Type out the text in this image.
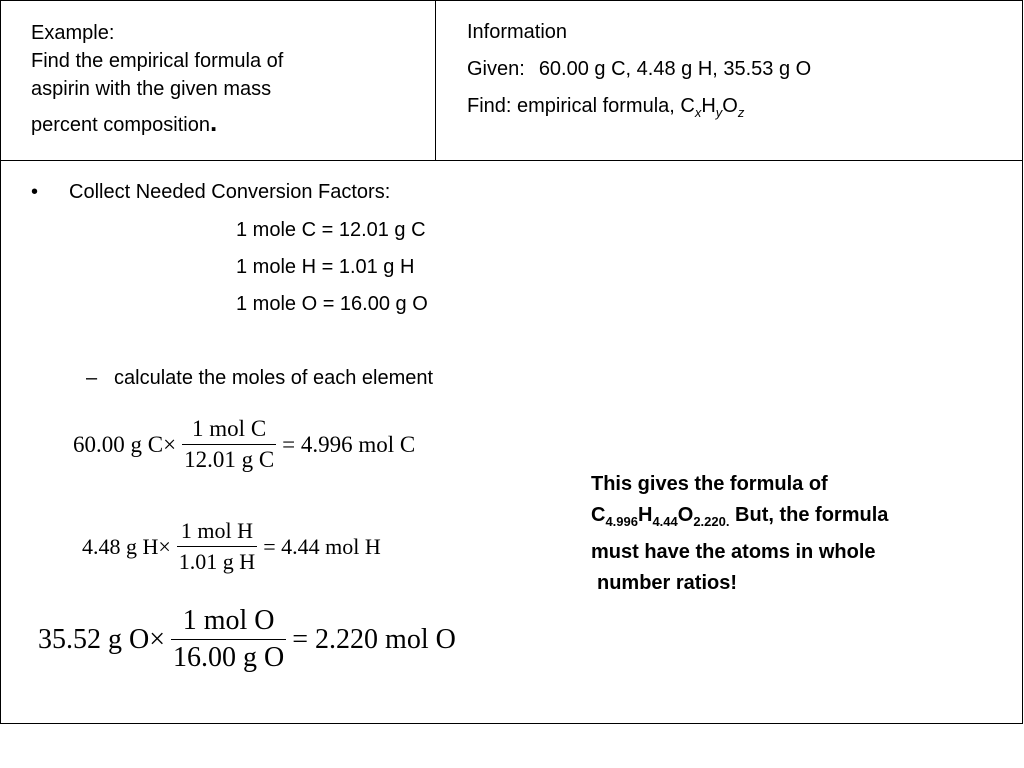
Example:
Find the empirical formula of
aspirin with the given mass
percent composition.
Information
Given: 60.00 g C, 4.48 g H, 35.53 g O
Find: empirical formula, $C_xH_yO_z$
• Collect Needed Conversion Factors:
1 mole C = 12.01 g C
1 mole H = 1.01 g H
1 mole O = 16.00 g O
– calculate the moles of each element
60.00 g $C\times \frac{\text{1 mol C}}{\text{12.01 g C}} = 4.996$ mol C
4.48 g $H\times \frac{\text{1 mol H}}{\text{1.01 g H}} = 4.44$ mol H
35.52 g $O\times \frac{\text{1 mol O}}{\text{16.00 g O}} = 2.220$ mol O
This gives the formula of
$C_{4.996}H_{4.44}O_{2.220.}$ But, the formula
must have the atoms in whole
number ratios!
